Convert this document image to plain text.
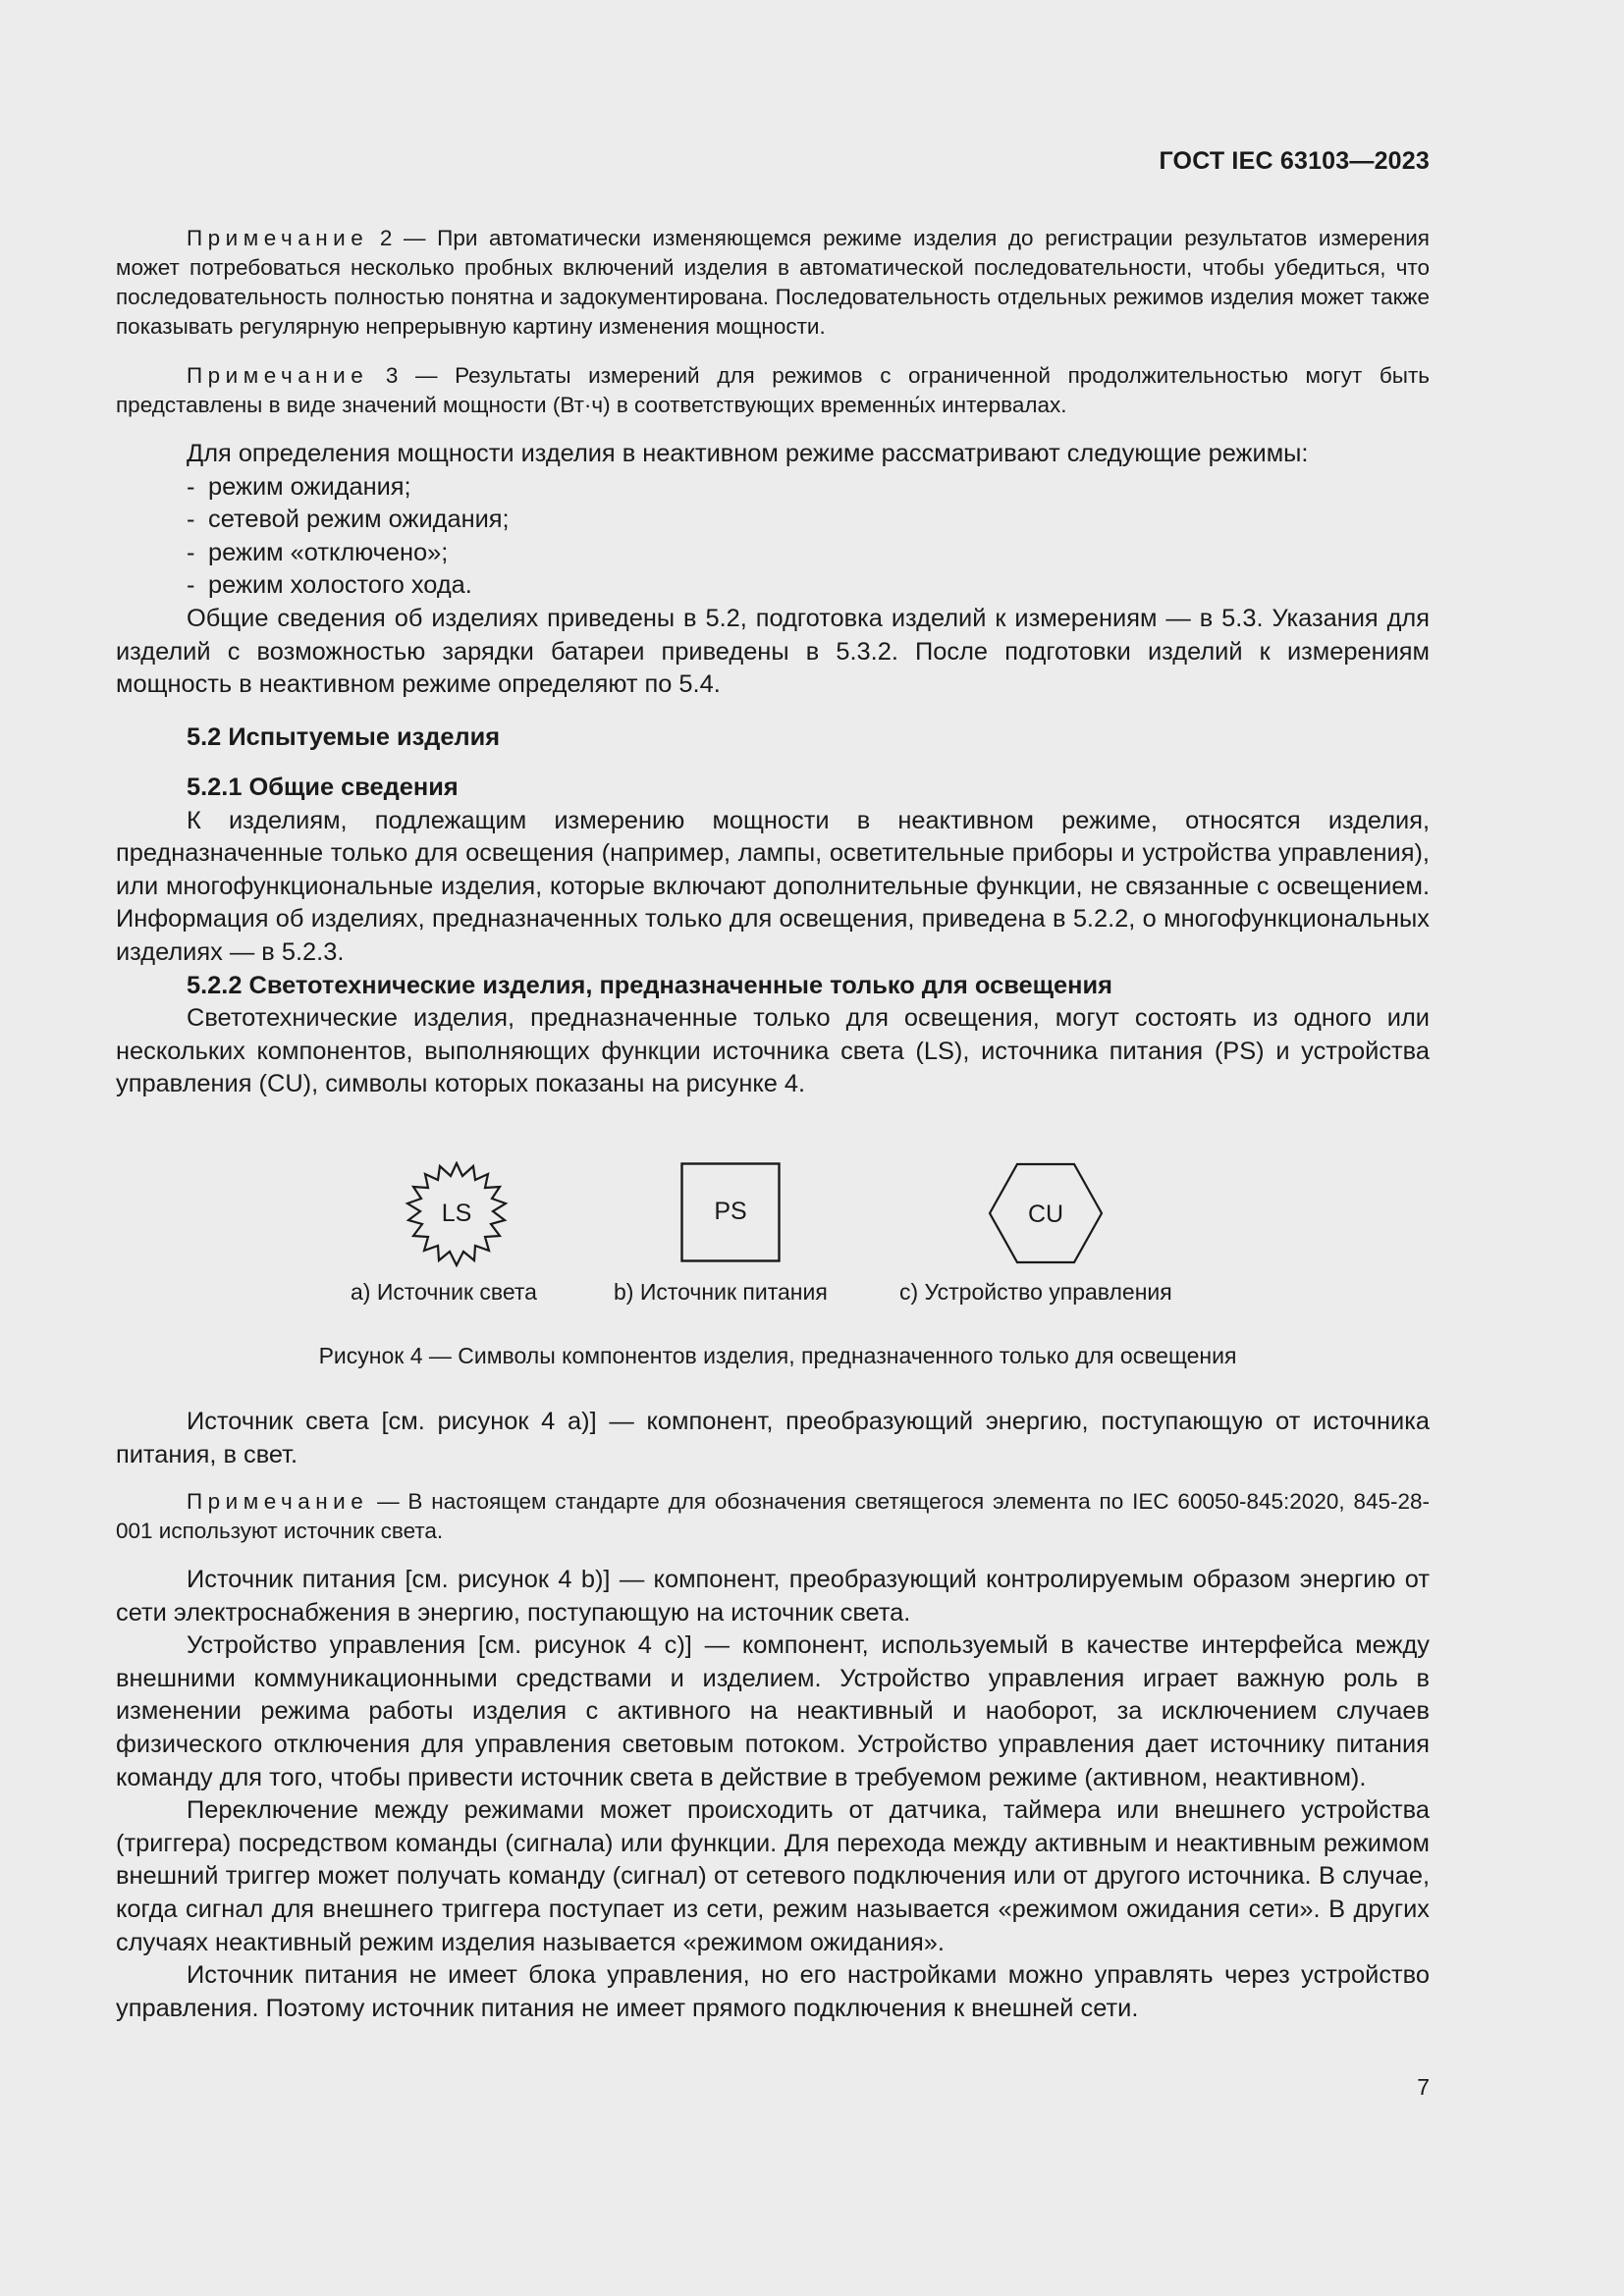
ГОСТ IEC 63103—2023

Примечание 2 — При автоматически изменяющемся режиме изделия до регистрации результатов измерения может потребоваться несколько пробных включений изделия в автоматической последовательности, чтобы убедиться, что последовательность полностью понятна и задокументирована. Последовательность отдельных режимов изделия может также показывать регулярную непрерывную картину изменения мощности.

Примечание 3 — Результаты измерений для режимов с ограниченной продолжительностью могут быть представлены в виде значений мощности (Вт·ч) в соответствующих временны́х интервалах.

Для определения мощности изделия в неактивном режиме рассматривают следующие режимы:

- режим ожидания;
- сетевой режим ожидания;
- режим «отключено»;
- режим холостого хода.

Общие сведения об изделиях приведены в 5.2, подготовка изделий к измерениям — в 5.3. Указания для изделий с возможностью зарядки батареи приведены в 5.3.2. После подготовки изделий к измерениям мощность в неактивном режиме определяют по 5.4.

5.2 Испытуемые изделия

5.2.1 Общие сведения

К изделиям, подлежащим измерению мощности в неактивном режиме, относятся изделия, предназначенные только для освещения (например, лампы, осветительные приборы и устройства управления), или многофункциональные изделия, которые включают дополнительные функции, не связанные с освещением. Информация об изделиях, предназначенных только для освещения, приведена в 5.2.2, о многофункциональных изделиях — в 5.2.3.

5.2.2 Светотехнические изделия, предназначенные только для освещения

Светотехнические изделия, предназначенные только для освещения, могут состоять из одного или нескольких компонентов, выполняющих функции источника света (LS), источника питания (PS) и устройства управления (CU), символы которых показаны на рисунке 4.

LS	PS	CU
a) Источник света	b) Источник питания	c) Устройство управления
Рисунок 4 — Символы компонентов изделия, предназначенного только для освещения

Источник света [см. рисунок 4 а)] — компонент, преобразующий энергию, поступающую от источника питания, в свет.

Примечание — В настоящем стандарте для обозначения светящегося элемента по IEC 60050-845:2020, 845-28-001 используют источник света.

Источник питания [см. рисунок 4 b)] — компонент, преобразующий контролируемым образом энергию от сети электроснабжения в энергию, поступающую на источник света.

Устройство управления [см. рисунок 4 с)] — компонент, используемый в качестве интерфейса между внешними коммуникационными средствами и изделием. Устройство управления играет важную роль в изменении режима работы изделия с активного на неактивный и наоборот, за исключением случаев физического отключения для управления световым потоком. Устройство управления дает источнику питания команду для того, чтобы привести источник света в действие в требуемом режиме (активном, неактивном).

Переключение между режимами может происходить от датчика, таймера или внешнего устройства (триггера) посредством команды (сигнала) или функции. Для перехода между активным и неактивным режимом внешний триггер может получать команду (сигнал) от сетевого подключения или от другого источника. В случае, когда сигнал для внешнего триггера поступает из сети, режим называется «режимом ожидания сети». В других случаях неактивный режим изделия называется «режимом ожидания».

Источник питания не имеет блока управления, но его настройками можно управлять через устройство управления. Поэтому источник питания не имеет прямого подключения к внешней сети.

7
